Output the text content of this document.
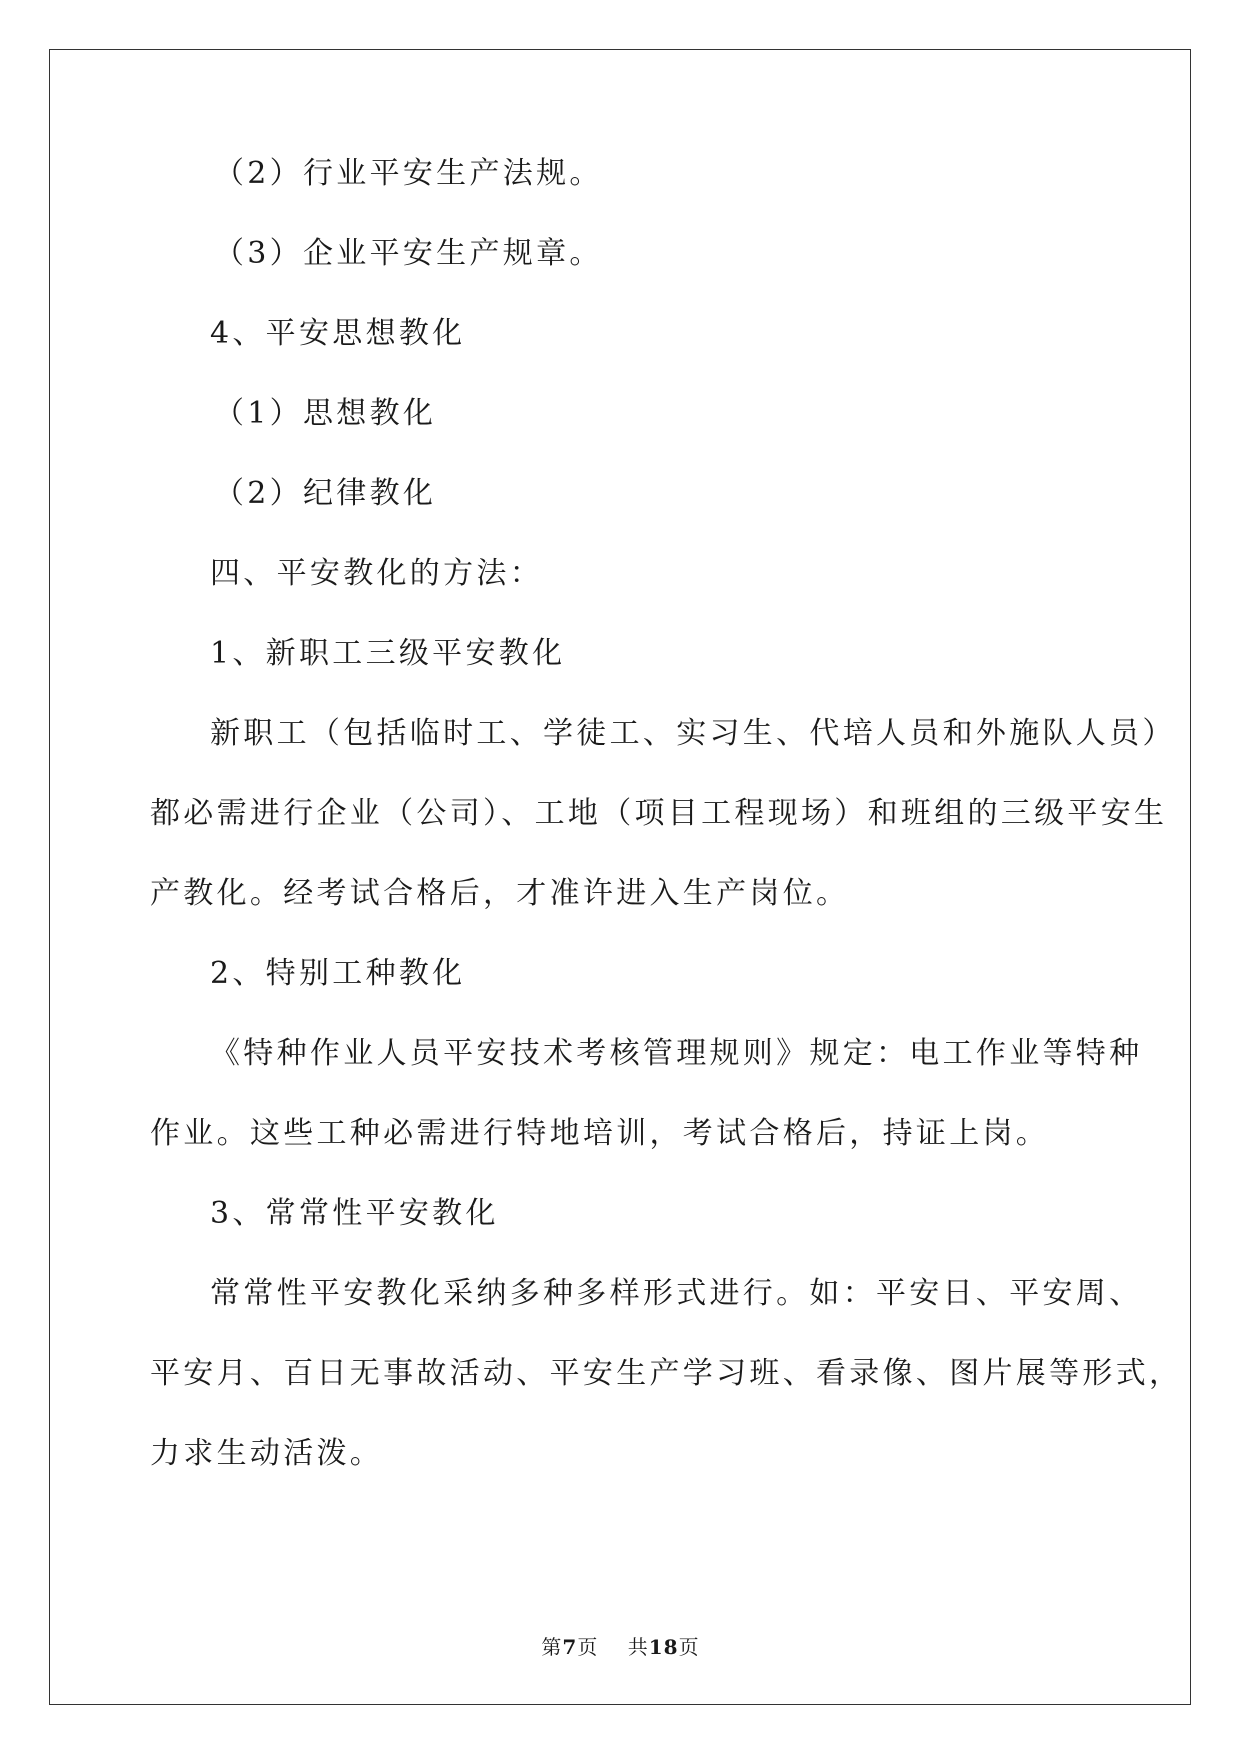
（2）行业平安生产法规。
（3）企业平安生产规章。
4、平安思想教化
（1）思想教化
（2）纪律教化
四、平安教化的方法：
1、新职工三级平安教化
新职工（包括临时工、学徒工、实习生、代培人员和外施队人员）
都必需进行企业（公司）、工地（项目工程现场）和班组的三级平安生
产教化。经考试合格后，才准许进入生产岗位。
2、特别工种教化
《特种作业人员平安技术考核管理规则》规定：电工作业等特种
作业。这些工种必需进行特地培训，考试合格后，持证上岗。
3、常常性平安教化
常常性平安教化采纳多种多样形式进行。如：平安日、平安周、
平安月、百日无事故活动、平安生产学习班、看录像、图片展等形式，
力求生动活泼。
第7页 共18页
